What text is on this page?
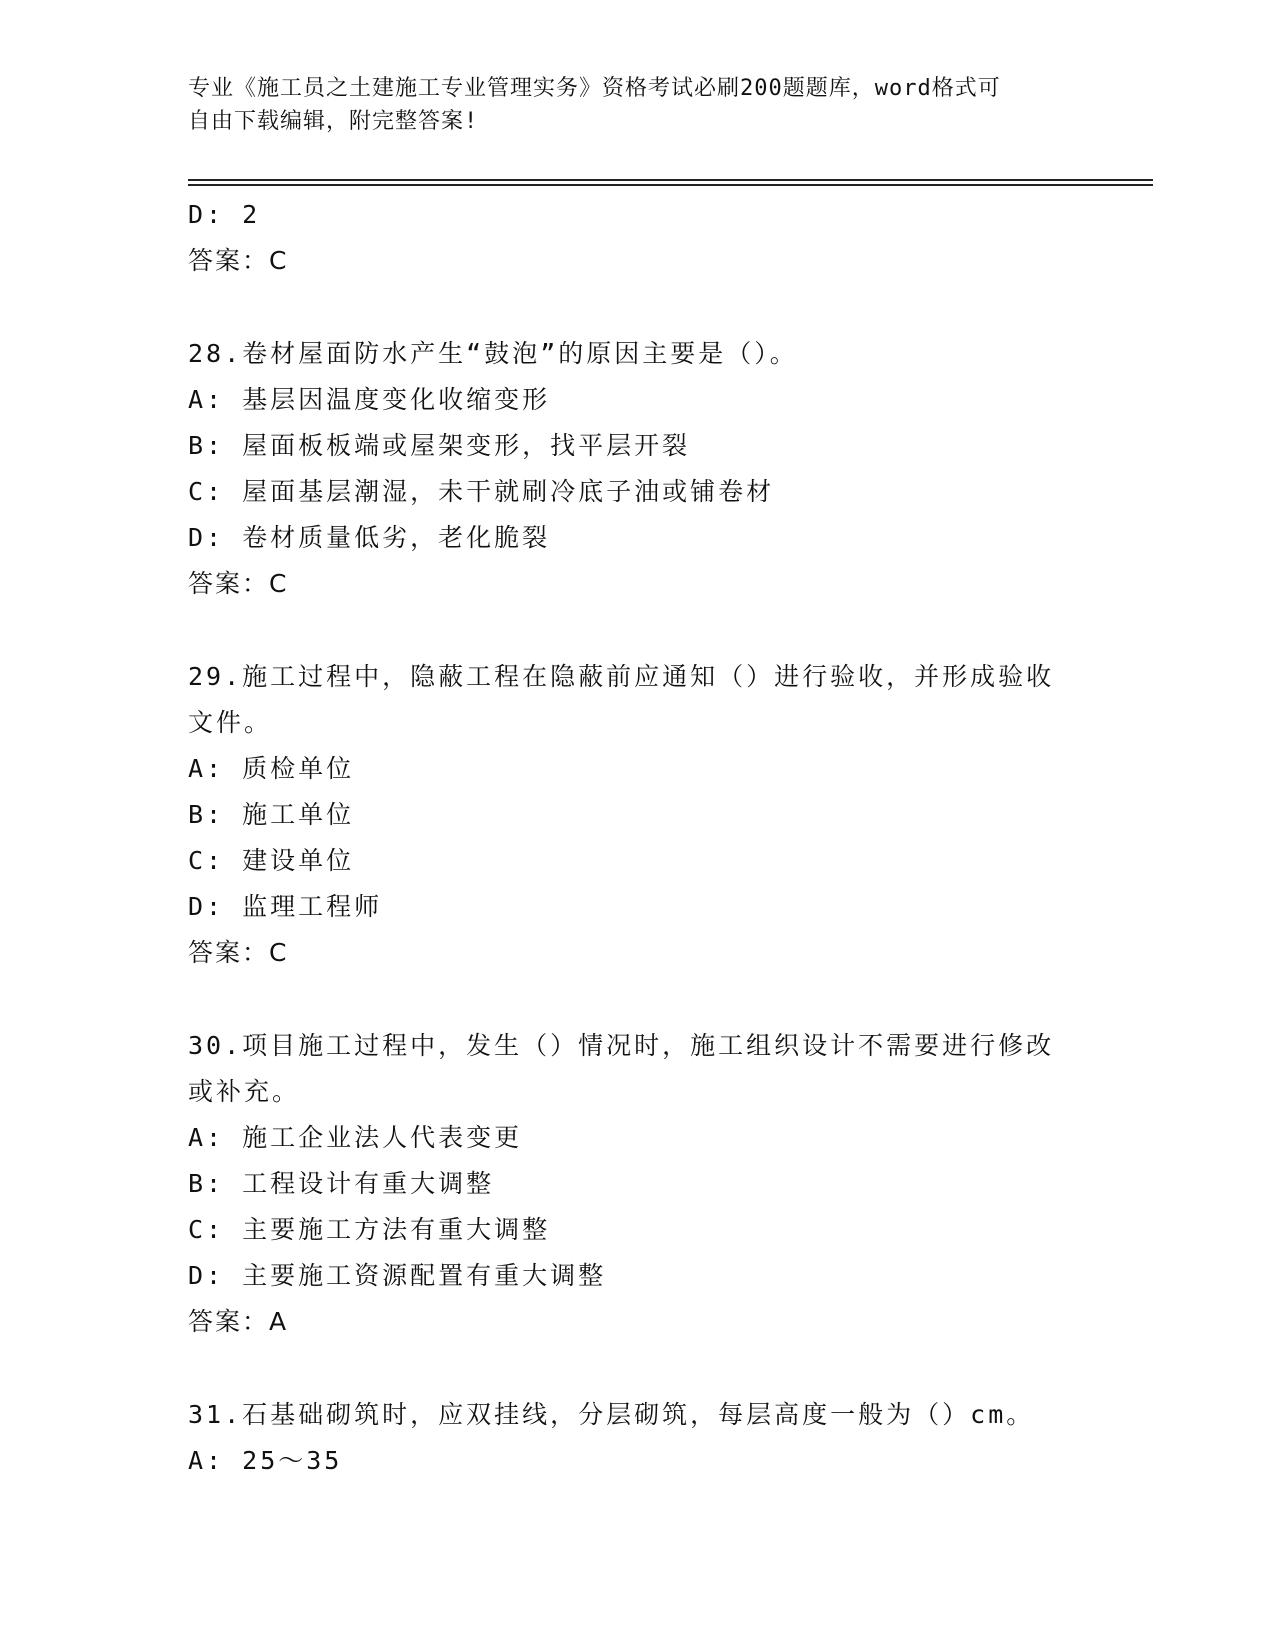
专业《施工员之土建施工专业管理实务》资格考试必刷200题题库，word格式可
自由下载编辑，附完整答案!
D: 2
答案：C
28.卷材屋面防水产生“鼓泡”的原因主要是（）。
A: 基层因温度变化收缩变形
B: 屋面板板端或屋架变形，找平层开裂
C: 屋面基层潮湿，未干就刷冷底子油或铺卷材
D: 卷材质量低劣，老化脆裂
答案：C
29.施工过程中，隐蔽工程在隐蔽前应通知（）进行验收，并形成验收
文件。
A: 质检单位
B: 施工单位
C: 建设单位
D: 监理工程师
答案：C
30.项目施工过程中，发生（）情况时，施工组织设计不需要进行修改
或补充。
A: 施工企业法人代表变更
B: 工程设计有重大调整
C: 主要施工方法有重大调整
D: 主要施工资源配置有重大调整
答案：A
31.石基础砌筑时，应双挂线，分层砌筑，每层高度一般为（）cm。
A: 25～35
